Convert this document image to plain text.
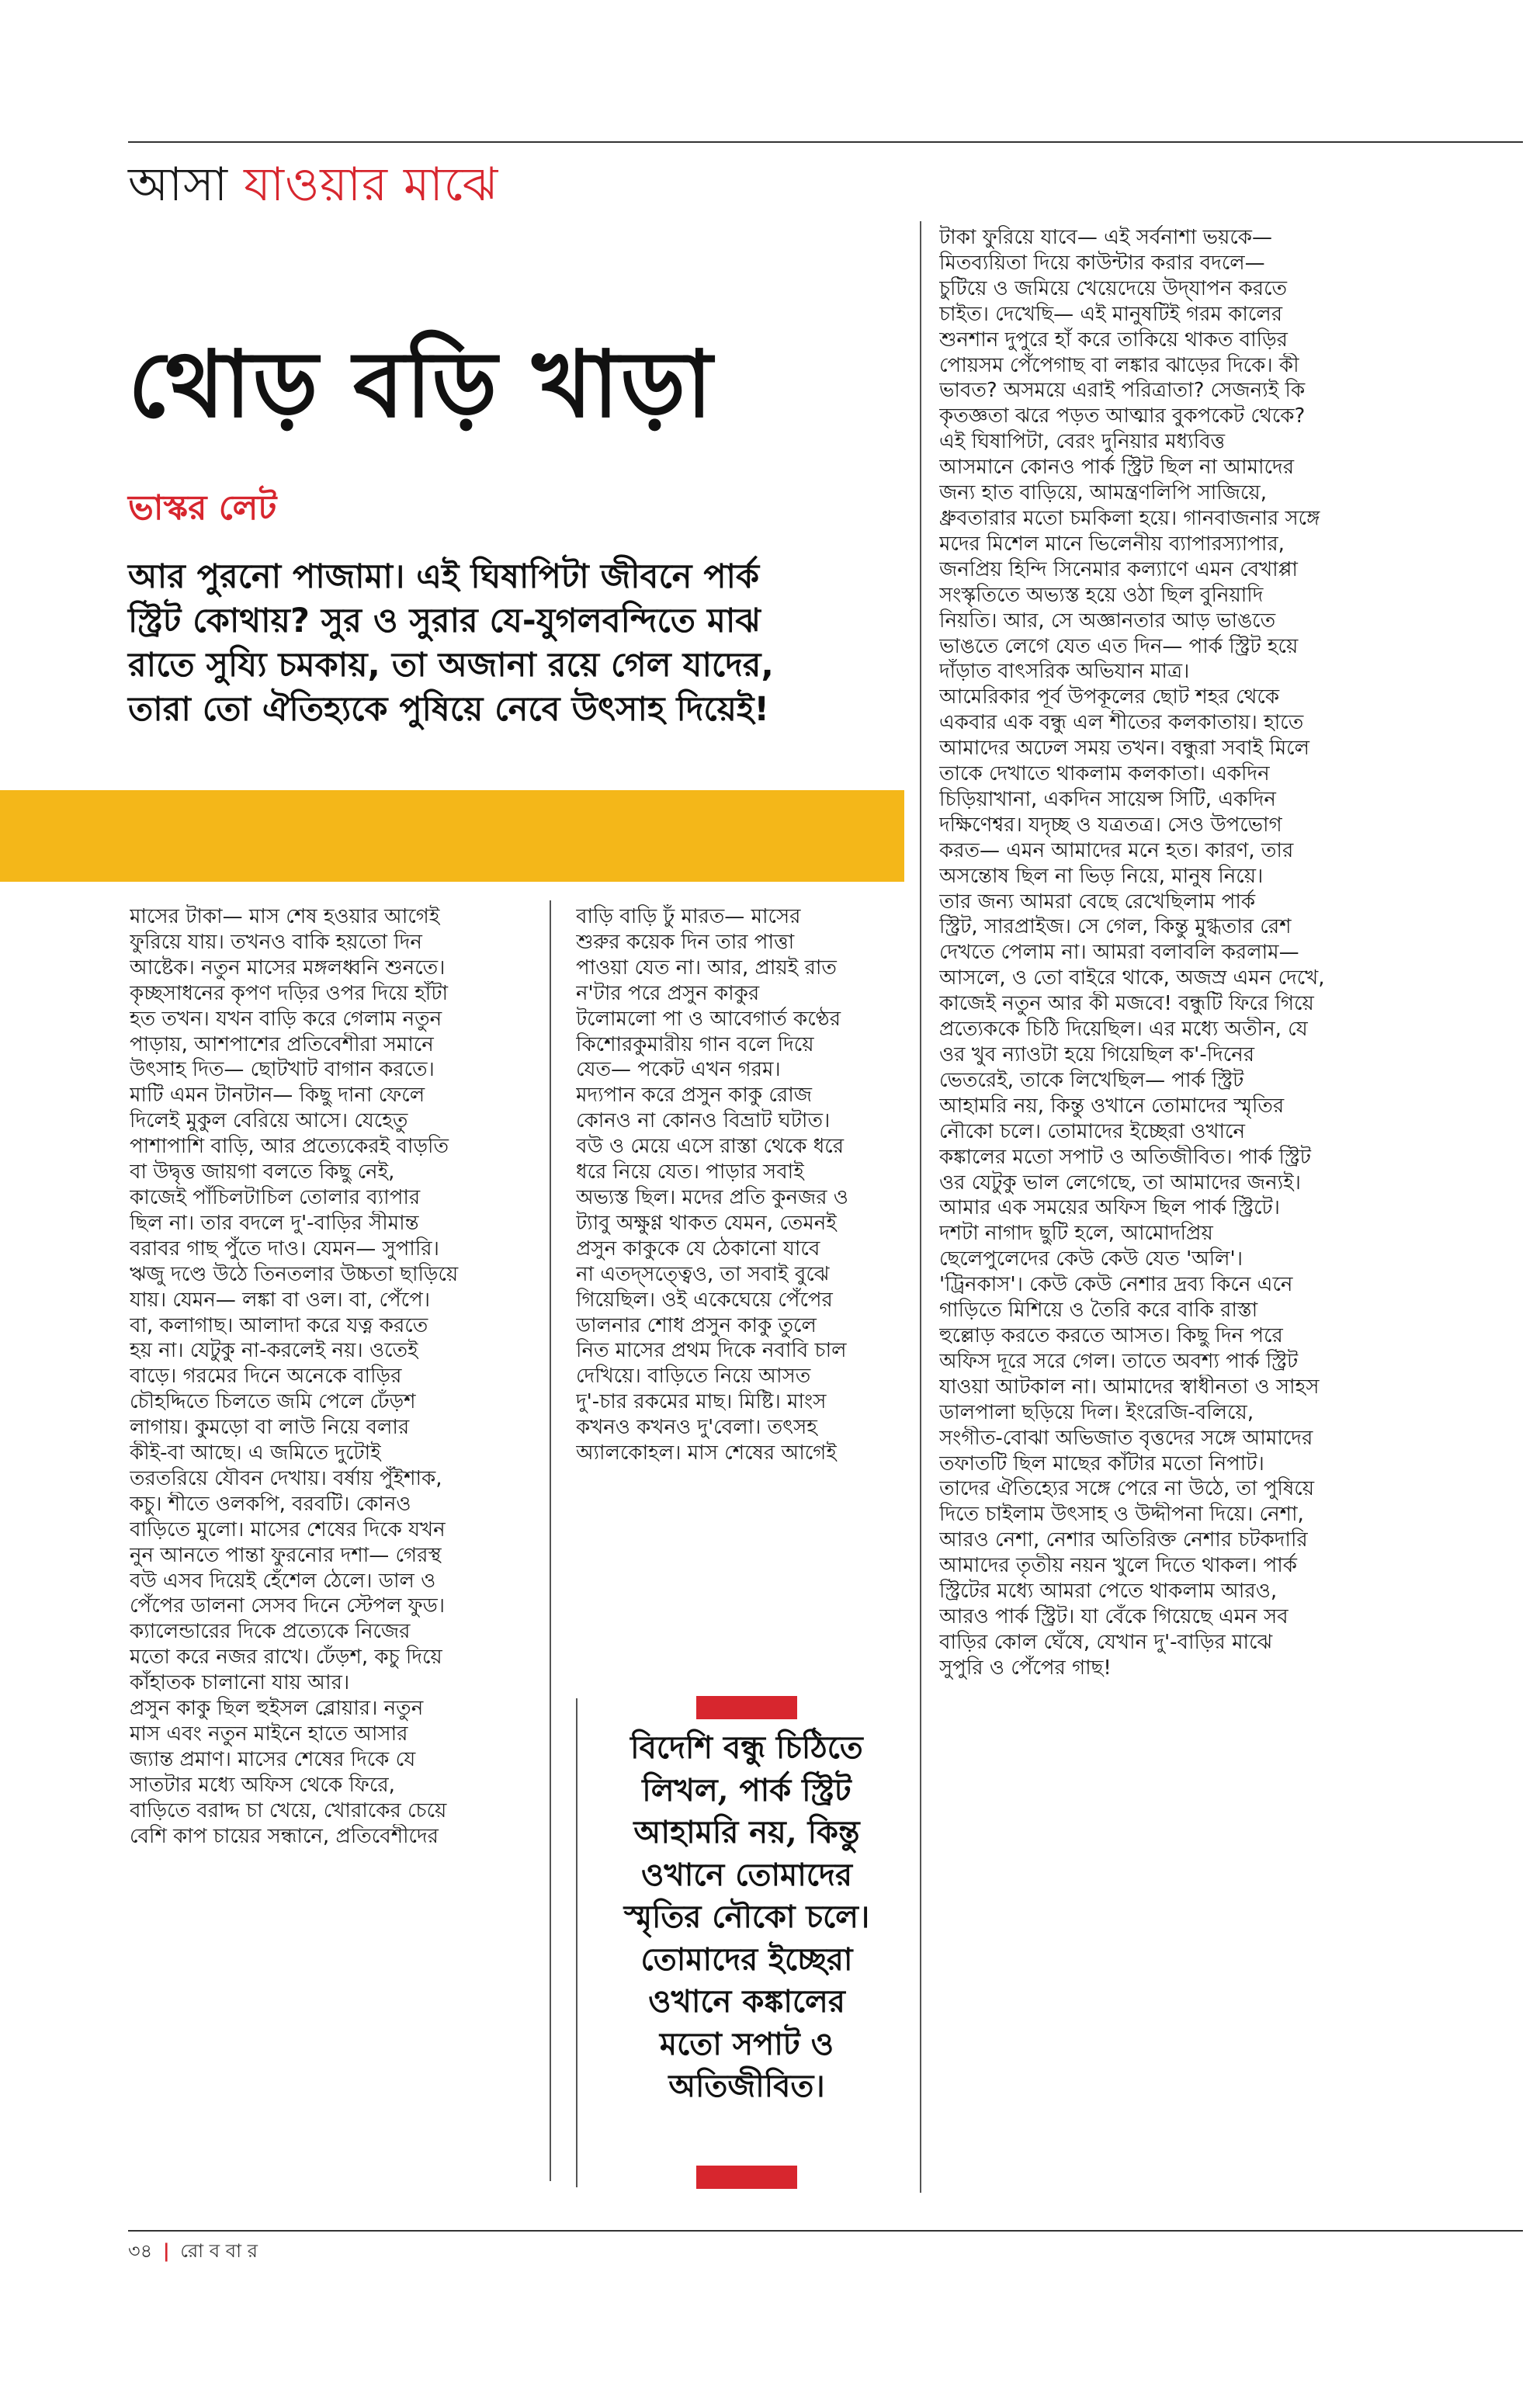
আসা যাওয়ার মাঝে
থোড় বড়ি খাড়া
ভাস্কর লেট

আর পুরনো পাজামা। এই ঘিষাপিটা জীবনে পার্ক

স্ট্রিট কোথায়? সুর ও সুরার যে-যুগলবন্দিতে মাঝ

রাতে সুয্যি চমকায়, তা অজানা রয়ে গেল যাদের,

তারা তো ঐতিহ্যকে পুষিয়ে নেবে উৎসাহ দিয়েই!

মাসের টাকা— মাস শেষ হওয়ার আগেই

ফুরিয়ে যায়। তখনও বাকি হয়তো দিন

আষ্টেক। নতুন মাসের মঙ্গলধ্বনি শুনতে।

কৃচ্ছসাধনের কৃপণ দড়ির ওপর দিয়ে হাঁটা

হত তখন। যখন বাড়ি করে গেলাম নতুন

পাড়ায়, আশপাশের প্রতিবেশীরা সমানে

উৎসাহ দিত— ছোটখাট বাগান করতে।

মাটি এমন টানটান— কিছু দানা ফেলে

দিলেই মুকুল বেরিয়ে আসে। যেহেতু

পাশাপাশি বাড়ি, আর প্রত্যেকেরই বাড়তি

বা উদ্বৃত্ত জায়গা বলতে কিছু নেই,

কাজেই পাঁচিলটাচিল তোলার ব্যাপার

ছিল না। তার বদলে দু'-বাড়ির সীমান্ত

বরাবর গাছ পুঁতে দাও। যেমন— সুপারি।

ঋজু দণ্ডে উঠে তিনতলার উচ্চতা ছাড়িয়ে

যায়। যেমন— লঙ্কা বা ওল। বা, পেঁপে।

বা, কলাগাছ। আলাদা করে যত্ন করতে

হয় না। যেটুকু না-করলেই নয়। ওতেই

বাড়ে। গরমের দিনে অনেকে বাড়ির

চৌহদ্দিতে চিলতে জমি পেলে ঢেঁড়শ

লাগায়। কুমড়ো বা লাউ নিয়ে বলার

কীই-বা আছে। এ জমিতে দুটোই

তরতরিয়ে যৌবন দেখায়। বর্ষায় পুঁইশাক,

কচু। শীতে ওলকপি, বরবটি। কোনও

বাড়িতে মুলো। মাসের শেষের দিকে যখন

নুন আনতে পান্তা ফুরনোর দশা— গেরস্থ

বউ এসব দিয়েই হেঁশেল ঠেলে। ডাল ও

পেঁপের ডালনা সেসব দিনে স্টেপল ফুড।

ক্যালেন্ডারের দিকে প্রত্যেকে নিজের

মতো করে নজর রাখে। ঢেঁড়শ, কচু দিয়ে

কাঁহাতক চালানো যায় আর।

প্রসুন কাকু ছিল হুইসল ব্লোয়ার। নতুন

মাস এবং নতুন মাইনে হাতে আসার

জ্যান্ত প্রমাণ। মাসের শেষের দিকে যে

সাতটার মধ্যে অফিস থেকে ফিরে,

বাড়িতে বরাদ্দ চা খেয়ে, খোরাকের চেয়ে

বেশি কাপ চায়ের সন্ধানে, প্রতিবেশীদের

বাড়ি বাড়ি ঢুঁ মারত— মাসের

শুরুর কয়েক দিন তার পাত্তা

পাওয়া যেত না। আর, প্রায়ই রাত

ন'টার পরে প্রসুন কাকুর

টলোমলো পা ও আবেগার্ত কণ্ঠের

কিশোরকুমারীয় গান বলে দিয়ে

যেত— পকেট এখন গরম।

মদ্যপান করে প্রসুন কাকু রোজ

কোনও না কোনও বিভ্রাট ঘটাত।

বউ ও মেয়ে এসে রাস্তা থেকে ধরে

ধরে নিয়ে যেত। পাড়ার সবাই

অভ্যস্ত ছিল। মদের প্রতি কুনজর ও

ট্যাবু অক্ষুণ্ণ থাকত যেমন, তেমনই

প্রসুন কাকুকে যে ঠেকানো যাবে

না এতদ্‌সত্ত্বেও, তা সবাই বুঝে

গিয়েছিল। ওই একেঘেয়ে পেঁপের

ডালনার শোধ প্রসুন কাকু তুলে

নিত মাসের প্রথম দিকে নবাবি চাল

দেখিয়ে। বাড়িতে নিয়ে আসত

দু'-চার রকমের মাছ। মিষ্টি। মাংস

কখনও কখনও দু'বেলা। তৎসহ

অ্যালকোহল। মাস শেষের আগেই

বিদেশি বন্ধু চিঠিতে

লিখল, পার্ক স্ট্রিট

আহামরি নয়, কিন্তু

ওখানে তোমাদের

স্মৃতির নৌকো চলে।

তোমাদের ইচ্ছেরা

ওখানে কঙ্কালের

মতো সপাট ও

অতিজীবিত।

টাকা ফুরিয়ে যাবে— এই সর্বনাশা ভয়কে—

মিতব্যয়িতা দিয়ে কাউন্টার করার বদলে—

চুটিয়ে ও জমিয়ে খেয়েদেয়ে উদ্‌যাপন করতে

চাইত। দেখেছি— এই মানুষটিই গরম কালের

শুনশান দুপুরে হাঁ করে তাকিয়ে থাকত বাড়ির

পোয়সম পেঁপেগাছ বা লঙ্কার ঝাড়ের দিকে। কী

ভাবত? অসময়ে এরাই পরিত্রাতা? সেজন্যই কি

কৃতজ্ঞতা ঝরে পড়ত আত্মার বুকপকেট থেকে?

এই ঘিষাপিটা, বেরং দুনিয়ার মধ্যবিত্ত

আসমানে কোনও পার্ক স্ট্রিট ছিল না আমাদের

জন্য হাত বাড়িয়ে, আমন্ত্রণলিপি সাজিয়ে,

ধ্রুবতারার মতো চমকিলা হয়ে। গানবাজনার সঙ্গে

মদের মিশেল মানে ভিলেনীয় ব্যাপারস্যাপার,

জনপ্রিয় হিন্দি সিনেমার কল্যাণে এমন বেখাপ্পা

সংস্কৃতিতে অভ্যস্ত হয়ে ওঠা ছিল বুনিয়াদি

নিয়তি। আর, সে অজ্ঞানতার আড় ভাঙতে

ভাঙতে লেগে যেত এত দিন— পার্ক স্ট্রিট হয়ে

দাঁড়াত বাৎসরিক অভিযান মাত্র।

আমেরিকার পূর্ব উপকূলের ছোট শহর থেকে

একবার এক বন্ধু এল শীতের কলকাতায়। হাতে

আমাদের অঢেল সময় তখন। বন্ধুরা সবাই মিলে

তাকে দেখাতে থাকলাম কলকাতা। একদিন

চিড়িয়াখানা, একদিন সায়েন্স সিটি, একদিন

দক্ষিণেশ্বর। যদৃচ্ছ ও যত্রতত্র। সেও উপভোগ

করত— এমন আমাদের মনে হত। কারণ, তার

অসন্তোষ ছিল না ভিড় নিয়ে, মানুষ নিয়ে।

তার জন্য আমরা বেছে রেখেছিলাম পার্ক

স্ট্রিট, সারপ্রাইজ। সে গেল, কিন্তু মুগ্ধতার রেশ

দেখতে পেলাম না। আমরা বলাবলি করলাম—

আসলে, ও তো বাইরে থাকে, অজস্র এমন দেখে,

কাজেই নতুন আর কী মজবে! বন্ধুটি ফিরে গিয়ে

প্রত্যেককে চিঠি দিয়েছিল। এর মধ্যে অতীন, যে

ওর খুব ন্যাওটা হয়ে গিয়েছিল ক'-দিনের

ভেতরেই, তাকে লিখেছিল— পার্ক স্ট্রিট

আহামরি নয়, কিন্তু ওখানে তোমাদের স্মৃতির

নৌকো চলে। তোমাদের ইচ্ছেরা ওখানে

কঙ্কালের মতো সপাট ও অতিজীবিত। পার্ক স্ট্রিট

ওর যেটুকু ভাল লেগেছে, তা আমাদের জন্যই।

আমার এক সময়ের অফিস ছিল পার্ক স্ট্রিটে।

দশটা নাগাদ ছুটি হলে, আমোদপ্রিয়

ছেলেপুলেদের কেউ কেউ যেত 'অলি'।

'ট্রিনকাস'। কেউ কেউ নেশার দ্রব্য কিনে এনে

গাড়িতে মিশিয়ে ও তৈরি করে বাকি রাস্তা

হুল্লোড় করতে করতে আসত। কিছু দিন পরে

অফিস দূরে সরে গেল। তাতে অবশ্য পার্ক স্ট্রিট

যাওয়া আটকাল না। আমাদের স্বাধীনতা ও সাহস

ডালপালা ছড়িয়ে দিল। ইংরেজি-বলিয়ে,

সংগীত-বোঝা অভিজাত বৃত্তদের সঙ্গে আমাদের

তফাতটি ছিল মাছের কাঁটার মতো নিপাট।

তাদের ঐতিহ্যের সঙ্গে পেরে না উঠে, তা পুষিয়ে

দিতে চাইলাম উৎসাহ ও উদ্দীপনা দিয়ে। নেশা,

আরও নেশা, নেশার অতিরিক্ত নেশার চটকদারি

আমাদের তৃতীয় নয়ন খুলে দিতে থাকল। পার্ক

স্ট্রিটের মধ্যে আমরা পেতে থাকলাম আরও,

আরও পার্ক স্ট্রিট। যা বেঁকে গিয়েছে এমন সব

বাড়ির কোল ঘেঁষে, যেখান দু'-বাড়ির মাঝে

সুপুরি ও পেঁপের গাছ!

৩৪ | রো ব বা র
